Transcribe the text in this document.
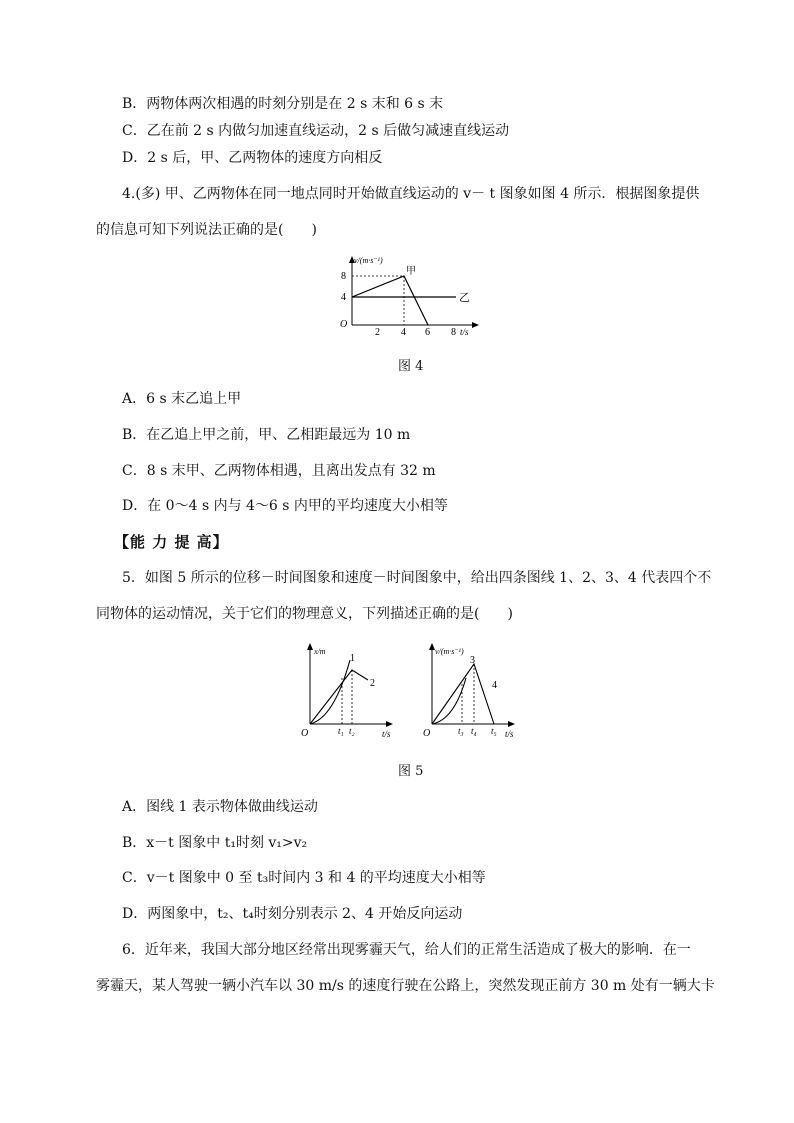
B．两物体两次相遇的时刻分别是在 2 s 末和 6 s 末
C．乙在前 2 s 内做匀加速直线运动，2 s 后做匀减速直线运动
D．2 s 后，甲、乙两物体的速度方向相反
4.(多) 甲、乙两物体在同一地点同时开始做直线运动的 v－ t 图象如图 4 所示．根据图象提供
的信息可知下列说法正确的是(　　)
v/(m·s⁻¹)
8
4
O
2 4 6 8 t/s
甲
乙
图 4
A．6 s 末乙追上甲
B．在乙追上甲之前，甲、乙相距最远为 10 m
C．8 s 末甲、乙两物体相遇，且离出发点有 32 m
D．在 0～4 s 内与 4～6 s 内甲的平均速度大小相等
【能 力 提 高】
5．如图 5 所示的位移－时间图象和速度－时间图象中，给出四条图线 1、2、3、4 代表四个不
同物体的运动情况，关于它们的物理意义，下列描述正确的是(　　)
x/m
1
2
O	t₁ t₂	t/s
v/(m·s⁻¹)
3
4
O	t₃ t₄ t₅ t/s
图 5
A．图线 1 表示物体做曲线运动
B．x－t 图象中 t₁时刻 v₁>v₂
C．v－t 图象中 0 至 t₃时间内 3 和 4 的平均速度大小相等
D．两图象中，t₂、t₄时刻分别表示 2、4 开始反向运动
6．近年来，我国大部分地区经常出现雾霾天气，给人们的正常生活造成了极大的影响．在一
雾霾天，某人驾驶一辆小汽车以 30 m/s 的速度行驶在公路上，突然发现正前方 30 m 处有一辆大卡
